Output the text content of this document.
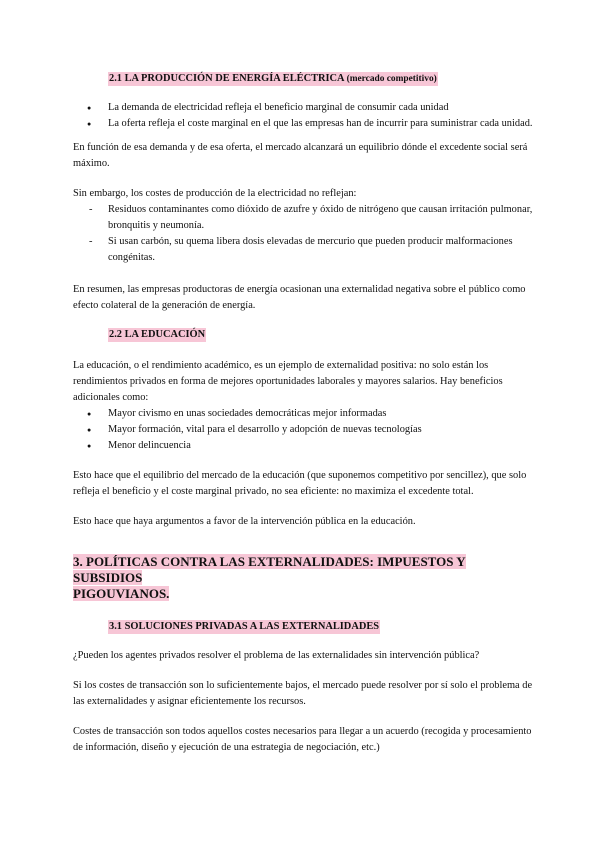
2.1 LA PRODUCCIÓN DE ENERGÍA ELÉCTRICA (mercado competitivo)
● La demanda de electricidad refleja el beneficio marginal de consumir cada unidad
● La oferta refleja el coste marginal en el que las empresas han de incurrir para suministrar cada unidad.

En función de esa demanda y de esa oferta, el mercado alcanzará un equilibrio dónde el excedente social será máximo.

Sin embargo, los costes de producción de la electricidad no reflejan:

- Residuos contaminantes como dióxido de azufre y óxido de nitrógeno que causan irritación pulmonar, bronquitis y neumonía.
- Si usan carbón, su quema libera dosis elevadas de mercurio que pueden producir malformaciones congénitas.

En resumen, las empresas productoras de energía ocasionan una externalidad negativa sobre el público como efecto colateral de la generación de energía.

2.2 LA EDUCACIÓN

La educación, o el rendimiento académico, es un ejemplo de externalidad positiva: no solo están los rendimientos privados en forma de mejores oportunidades laborales y mayores salarios. Hay beneficios adicionales como:

● Mayor civismo en unas sociedades democráticas mejor informadas
● Mayor formación, vital para el desarrollo y adopción de nuevas tecnologías
● Menor delincuencia

Esto hace que el equilibrio del mercado de la educación (que suponemos competitivo por sencillez), que solo refleja el beneficio y el coste marginal privado, no sea eficiente: no maximiza el excedente total.

Esto hace que haya argumentos a favor de la intervención pública en la educación.

3. POLÍTICAS CONTRA LAS EXTERNALIDADES: IMPUESTOS Y SUBSIDIOS
PIGOUVIANOS.
3.1 SOLUCIONES PRIVADAS A LAS EXTERNALIDADES

¿Pueden los agentes privados resolver el problema de las externalidades sin intervención pública?

Si los costes de transacción son lo suficientemente bajos, el mercado puede resolver por sí solo el problema de las externalidades y asignar eficientemente los recursos.

Costes de transacción son todos aquellos costes necesarios para llegar a un acuerdo (recogida y procesamiento de información, diseño y ejecución de una estrategia de negociación, etc.)
